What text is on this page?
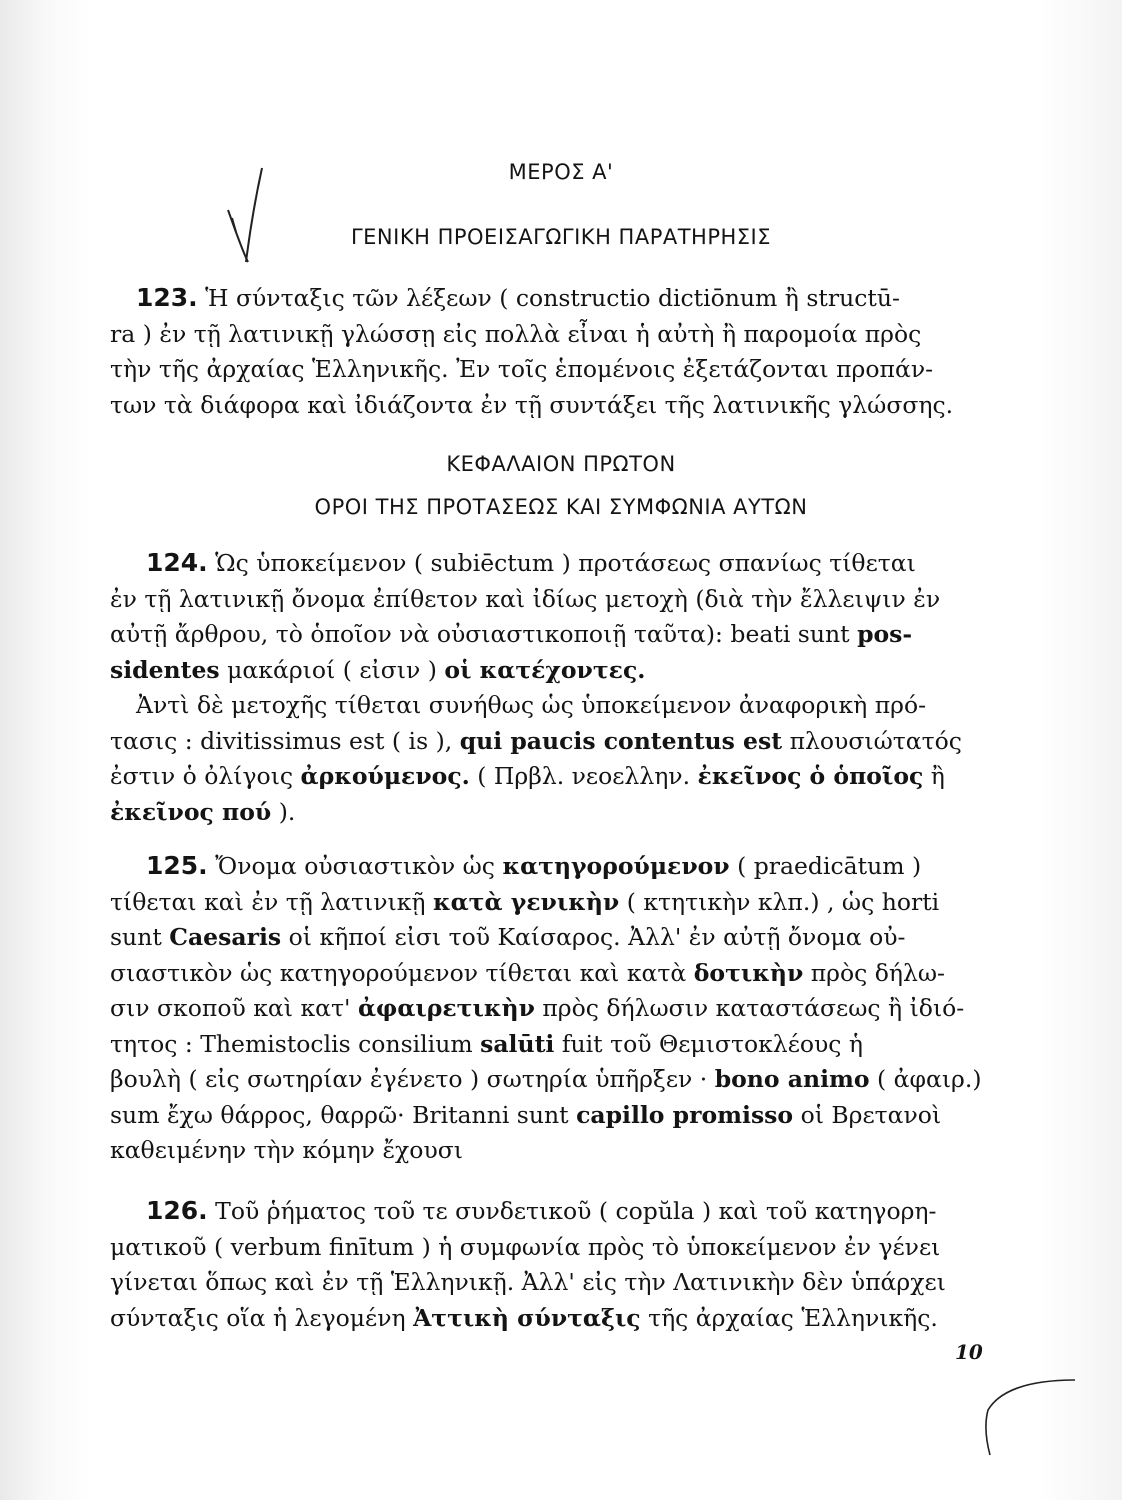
ΜΕΡΟΣ Α'
ΓΕΝΙΚΗ ΠΡΟΕΙΣΑΓΩΓΙΚΗ ΠΑΡΑΤΗΡΗΣΙΣ
123. Ἡ σύνταξις τῶν λέξεων ( constructio dictiōnum ἢ structū-
ra ) ἐν τῇ λατινικῇ γλώσσῃ εἰς πολλὰ εἶναι ἡ αὐτὴ ἢ παρομοία πρὸς
τὴν τῆς ἀρχαίας Ἑλληνικῆς. Ἐν τοῖς ἑπομένοις ἐξετάζονται προπάν-
των τὰ διάφορα καὶ ἰδιάζοντα ἐν τῇ συντάξει τῆς λατινικῆς γλώσσης.
ΚΕΦΑΛΑΙΟΝ ΠΡΩΤΟΝ
ΟΡΟΙ ΤΗΣ ΠΡΟΤΑΣΕΩΣ ΚΑΙ ΣΥΜΦΩΝΙΑ ΑΥΤΩΝ
124. Ὡς ὑποκείμενον ( subiēctum ) προτάσεως σπανίως τίθεται
ἐν τῇ λατινικῇ ὄνομα ἐπίθετον καὶ ἰδίως μετοχὴ (διὰ τὴν ἔλλειψιν ἐν
αὐτῇ ἄρθρου, τὸ ὁποῖον νὰ οὐσιαστικοποιῇ ταῦτα): beati sunt pos-
sidentes μακάριοί ( εἰσιν ) οἱ κατέχοντες.
Ἀντὶ δὲ μετοχῆς τίθεται συνήθως ὡς ὑποκείμενον ἀναφορικὴ πρό-
τασις : divitissimus est ( is ), qui paucis contentus est πλουσιώτατός
ἐστιν ὁ ὀλίγοις ἀρκούμενος. ( Πρβλ. νεοελλην. ἐκεῖνος ὁ ὁποῖος ἢ
ἐκεῖνος πού ).
125. Ὄνομα οὐσιαστικὸν ὡς κατηγορούμενον ( praedicātum )
τίθεται καὶ ἐν τῇ λατινικῇ κατὰ γενικὴν ( κτητικὴν κλπ.) , ὡς horti
sunt Caesaris οἱ κῆποί εἰσι τοῦ Καίσαρος. Ἀλλ' ἐν αὐτῇ ὄνομα οὐ-
σιαστικὸν ὡς κατηγορούμενον τίθεται καὶ κατὰ δοτικὴν πρὸς δήλω-
σιν σκοποῦ καὶ κατ' ἀφαιρετικὴν πρὸς δήλωσιν καταστάσεως ἢ ἰδιό-
τητος : Themistoclis consilium salūti fuit τοῦ Θεμιστοκλέους ἡ
βουλὴ ( εἰς σωτηρίαν ἐγένετο ) σωτηρία ὑπῆρξεν · bono animo ( ἀφαιρ.)
sum ἔχω θάρρος, θαρρῶ· Britanni sunt capillo promisso οἱ Βρετανοὶ
καθειμένην τὴν κόμην ἔχουσι
126. Τοῦ ῥήματος τοῦ τε συνδετικοῦ ( copŭla ) καὶ τοῦ κατηγορη-
ματικοῦ ( verbum finītum ) ἡ συμφωνία πρὸς τὸ ὑποκείμενον ἐν γένει
γίνεται ὅπως καὶ ἐν τῇ Ἑλληνικῇ. Ἀλλ' εἰς τὴν Λατινικὴν δὲν ὑπάρχει
σύνταξις οἵα ἡ λεγομένη Ἀττικὴ σύνταξις τῆς ἀρχαίας Ἑλληνικῆς.
10
